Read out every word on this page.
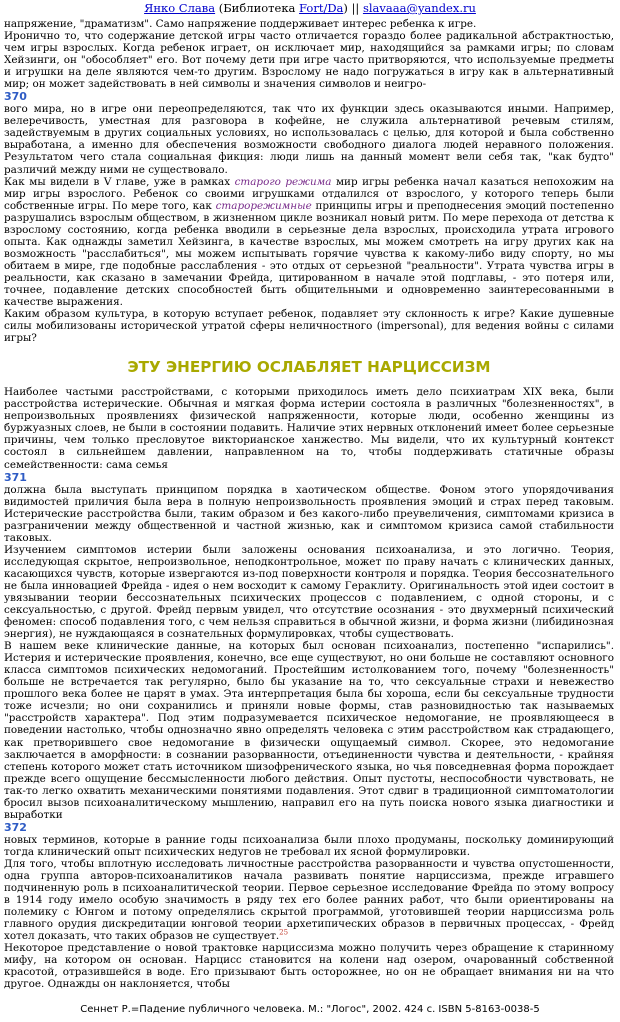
Янко Слава (Библиотека Fort/Da) || slavaaa@yandex.ru

напряжение, "драматизм". Само напряжение поддерживает интерес ребенка к игре.

Иронично то, что содержание детской игры часто отличается гораздо более радикальной абстрактностью, чем игры взрослых. Когда ребенок играет, он исключает мир, находящийся за рамками игры; по словам Хейзинги, он "обособляет" его. Вот почему дети при игре часто притворяются, что используемые предметы и игрушки на деле являются чем-то другим. Взрослому не надо погружаться в игру как в альтернативный мир; он может задействовать в ней символы и значения символов и неигро-

370

вого мира, но в игре они переопределяются, так что их функции здесь оказываются иными. Например, велеречивость, уместная для разговора в кофейне, не служила альтернативой речевым стилям, задействуемым в других социальных условиях, но использовалась с целью, для которой и была собственно выработана, а именно для обеспечения возможности свободного диалога людей неравного положения. Результатом чего стала социальная фикция: люди лишь на данный момент вели себя так, "как будто" различий между ними не существовало.

Как мы видели в V главе, уже в рамках старого режима мир игры ребенка начал казаться непохожим на мир игры взрослого. Ребенок со своими игрушками отдалился от взрослого, у которого теперь были собственные игры. По мере того, как старорежимные принципы игры и преподнесения эмоций постепенно разрушались взрослым обществом, в жизненном цикле возникал новый ритм. По мере перехода от детства к взрослому состоянию, когда ребенка вводили в серьезные дела взрослых, происходила утрата игрового опыта. Как однажды заметил Хейзинга, в качестве взрослых, мы можем смотреть на игру других как на возможность "расслабиться", мы можем испытывать горячие чувства к какому-либо виду спорту, но мы обитаем в мире, где подобные расслабления - это отдых от серьезной "реальности". Утрата чувства игры в реальности, как сказано в замечании Фрейда, цитированном в начале этой подглавы, - это потеря или, точнее, подавление детских способностей быть общительными и одновременно заинтересованными в качестве выражения.

Каким образом культура, в которую вступает ребенок, подавляет эту склонность к игре? Какие душевные силы мобилизованы исторической утратой сферы неличностного (impersonal), для ведения войны с силами игры?

ЭТУ ЭНЕРГИЮ ОСЛАБЛЯЕТ НАРЦИССИЗМ

Наиболее частыми расстройствами, с которыми приходилось иметь дело психиатрам XIX века, были расстройства истерические. Обычная и мягкая форма истерии состояла в различных "болезненностях", в непроизвольных проявлениях физической напряженности, которые люди, особенно женщины из буржуазных слоев, не были в состоянии подавить. Наличие этих нервных отклонений имеет более серьезные причины, чем только пресловутое викторианское ханжество. Мы видели, что их культурный контекст состоял в сильнейшем давлении, направленном на то, чтобы поддерживать статичные образы семейственности: сама семья

371

должна была выступать принципом порядка в хаотическом обществе. Фоном этого упорядочивания видимостей приличия была вера в полную непроизвольность проявления эмоций и страх перед таковым. Истерические расстройства были, таким образом и без какого-либо преувеличения, симптомами кризиса в разграничении между общественной и частной жизнью, как и симптомом кризиса самой стабильности таковых.

Изучением симптомов истерии были заложены основания психоанализа, и это логично. Теория, исследующая скрытое, непроизвольное, неподконтрольное, может по праву начать с клинических данных, касающихся чувств, которые извергаются из-под поверхности контроля и порядка. Теория бессознательного не была инновацией Фрейда - идея о нем восходит к самому Гераклиту. Оригинальность этой идеи состоит в увязывании теории бессознательных психических процессов с подавлением, с одной стороны, и с сексуальностью, с другой. Фрейд первым увидел, что отсутствие осознания - это двухмерный психический феномен: способ подавления того, с чем нельзя справиться в обычной жизни, и форма жизни (либидинозная энергия), не нуждающаяся в сознательных формулировках, чтобы существовать.

В нашем веке клинические данные, на которых был основан психоанализ, постепенно "испарились". Истерия и истерические проявления, конечно, все еще существуют, но они больше не составляют основного класса симптомов психических недомоганий. Простейшим истолкованием того, почему "болезненность" больше не встречается так регулярно, было бы указание на то, что сексуальные страхи и невежество прошлого века более не царят в умах. Эта интерпретация была бы хороша, если бы сексуальные трудности тоже исчезли; но они сохранились и приняли новые формы, став разновидностью так называемых "расстройств характера". Под этим подразумевается психическое недомогание, не проявляющееся в поведении настолько, чтобы однозначно явно определять человека с этим расстройством как страдающего, как претворившего свое недомогание в физически ощущаемый символ. Скорее, это недомогание заключается в аморфности: в сознании разорванности, отъединенности чувства и деятельности, - крайняя степень которого может стать источником шизофренического языка, но чья повседневная форма порождает прежде всего ощущение бессмысленности любого действия. Опыт пустоты, неспособности чувствовать, не так-то легко охватить механическими понятиями подавления. Этот сдвиг в традиционной симптоматологии бросил вызов психоаналитическому мышлению, направил его на путь поиска нового языка диагностики и выработки

372

новых терминов, которые в ранние годы психоанализа были плохо продуманы, поскольку доминирующий тогда клинический опыт психических недугов не требовал их ясной формулировки.

Для того, чтобы вплотную исследовать личностные расстройства разорванности и чувства опустошенности, одна группа авторов-психоаналитиков начала развивать понятие нарциссизма, прежде игравшего подчиненную роль в психоаналитической теории. Первое серьезное исследование Фрейда по этому вопросу в 1914 году имело особую значимость в ряду тех его более ранних работ, что были ориентированы на полемику с Юнгом и потому определялись скрытой программой, уготовившей теории нарциссизма роль главного орудия дискредитации юнговой теории архетипических образов в первичных процессах, - Фрейд хотел доказать, что таких образов не существует.$^{25}$

Некоторое представление о новой трактовке нарциссизма можно получить через обращение к старинному мифу, на котором он основан. Нарцисс становится на колени над озером, очарованный собственной красотой, отразившейся в воде. Его призывают быть осторожнее, но он не обращает внимания ни на что другое. Однажды он наклоняется, чтобы

Сеннет Р.=Падение публичного человека. М.: "Логос", 2002. 424 с. ISBN 5-8163-0038-5
